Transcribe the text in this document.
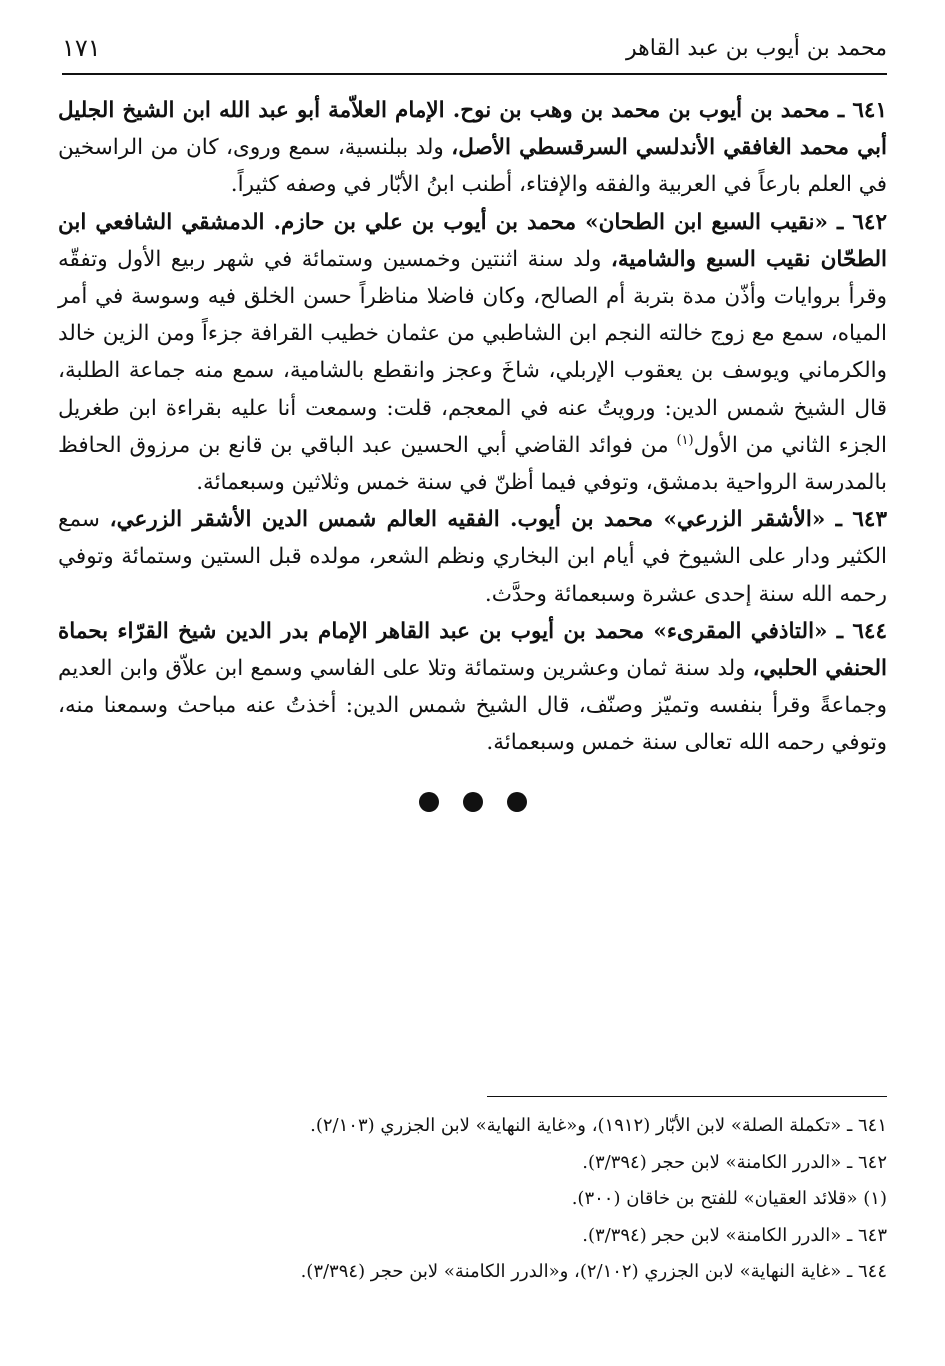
محمد بن أيوب بن عبد القاهر
١٧١

٦٤١ ـ محمد بن أيوب بن محمد بن وهب بن نوح. الإمام العلاّمة أبو عبد الله ابن الشيخ الجليل أبي محمد الغافقي الأندلسي السرقسطي الأصل، ولد ببلنسية، سمع وروى، كان من الراسخين في العلم بارعاً في العربية والفقه والإفتاء، أطنب ابنُ الأبّار في وصفه كثيراً.

٦٤٢ ـ «نقيب السبع ابن الطحان» محمد بن أيوب بن علي بن حازم. الدمشقي الشافعي ابن الطحّان نقيب السبع والشامية، ولد سنة اثنتين وخمسين وستمائة في شهر ربيع الأول وتفقّه وقرأ بروايات وأذّن مدة بتربة أم الصالح، وكان فاضلا مناظراً حسن الخلق فيه وسوسة في أمر المياه، سمع مع زوج خالته النجم ابن الشاطبي من عثمان خطيب القرافة جزءاً ومن الزين خالد والكرماني ويوسف بن يعقوب الإربلي، شاخَ وعجز وانقطع بالشامية، سمع منه جماعة الطلبة، قال الشيخ شمس الدين: ورويتُ عنه في المعجم، قلت: وسمعت أنا عليه بقراءة ابن طغريل الجزء الثاني من الأول$^{(١)}$ من فوائد القاضي أبي الحسين عبد الباقي بن قانع بن مرزوق الحافظ بالمدرسة الرواحية بدمشق، وتوفي فيما أظنّ في سنة خمس وثلاثين وسبعمائة.

٦٤٣ ـ «الأشقر الزرعي» محمد بن أيوب. الفقيه العالم شمس الدين الأشقر الزرعي، سمع الكثير ودار على الشيوخ في أيام ابن البخاري ونظم الشعر، مولده قبل الستين وستمائة وتوفي رحمه الله سنة إحدى عشرة وسبعمائة وحدَّث.

٦٤٤ ـ «التاذفي المقرىء» محمد بن أيوب بن عبد القاهر الإمام بدر الدين شيخ القرّاء بحماة الحنفي الحلبي، ولد سنة ثمان وعشرين وستمائة وتلا على الفاسي وسمع ابن علاّق وابن العديم وجماعةً وقرأ بنفسه وتميّز وصنّف، قال الشيخ شمس الدين: أخذتُ عنه مباحث وسمعنا منه، وتوفي رحمه الله تعالى سنة خمس وسبعمائة.

٦٤١ ـ «تكملة الصلة» لابن الأبّار (١٩١٢)، و«غاية النهاية» لابن الجزري (٢/١٠٣).
٦٤٢ ـ «الدرر الكامنة» لابن حجر (٣/٣٩٤).
(١) «قلائد العقيان» للفتح بن خاقان (٣٠٠).
٦٤٣ ـ «الدرر الكامنة» لابن حجر (٣/٣٩٤).
٦٤٤ ـ «غاية النهاية» لابن الجزري (٢/١٠٢)، و«الدرر الكامنة» لابن حجر (٣/٣٩٤).
